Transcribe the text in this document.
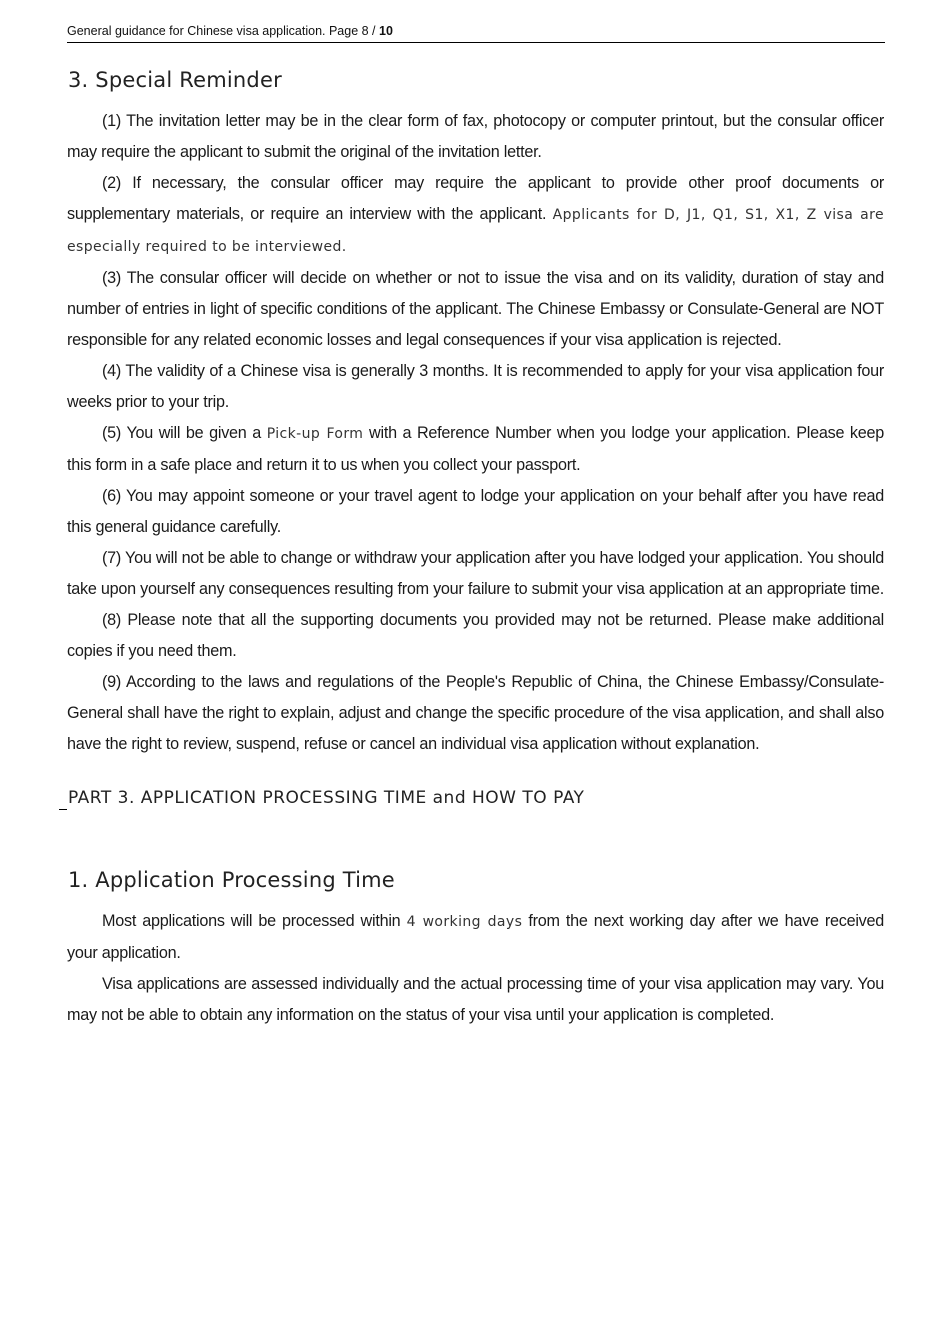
General guidance for Chinese visa application. Page 8 / 10
3. Special Reminder

(1) The invitation letter may be in the clear form of fax, photocopy or computer printout, but the consular officer may require the applicant to submit the original of the invitation letter.

(2) If necessary, the consular officer may require the applicant to provide other proof documents or supplementary materials, or require an interview with the applicant. Applicants for D, J1, Q1, S1, X1, Z visa are especially required to be interviewed.

(3) The consular officer will decide on whether or not to issue the visa and on its validity, duration of stay and number of entries in light of specific conditions of the applicant. The Chinese Embassy or Consulate-General are NOT responsible for any related economic losses and legal consequences if your visa application is rejected.

(4) The validity of a Chinese visa is generally 3 months. It is recommended to apply for your visa application four weeks prior to your trip.

(5) You will be given a Pick-up Form with a Reference Number when you lodge your application. Please keep this form in a safe place and return it to us when you collect your passport.

(6) You may appoint someone or your travel agent to lodge your application on your behalf after you have read this general guidance carefully.

(7) You will not be able to change or withdraw your application after you have lodged your application. You should take upon yourself any consequences resulting from your failure to submit your visa application at an appropriate time.

(8) Please note that all the supporting documents you provided may not be returned. Please make additional copies if you need them.

(9) According to the laws and regulations of the People's Republic of China, the Chinese Embassy/Consulate-General shall have the right to explain, adjust and change the specific procedure of the visa application, and shall also have the right to review, suspend, refuse or cancel an individual visa application without explanation.

PART 3. APPLICATION PROCESSING TIME and HOW TO PAY
1. Application Processing Time

Most applications will be processed within 4 working days from the next working day after we have received your application.

Visa applications are assessed individually and the actual processing time of your visa application may vary. You may not be able to obtain any information on the status of your visa until your application is completed.
